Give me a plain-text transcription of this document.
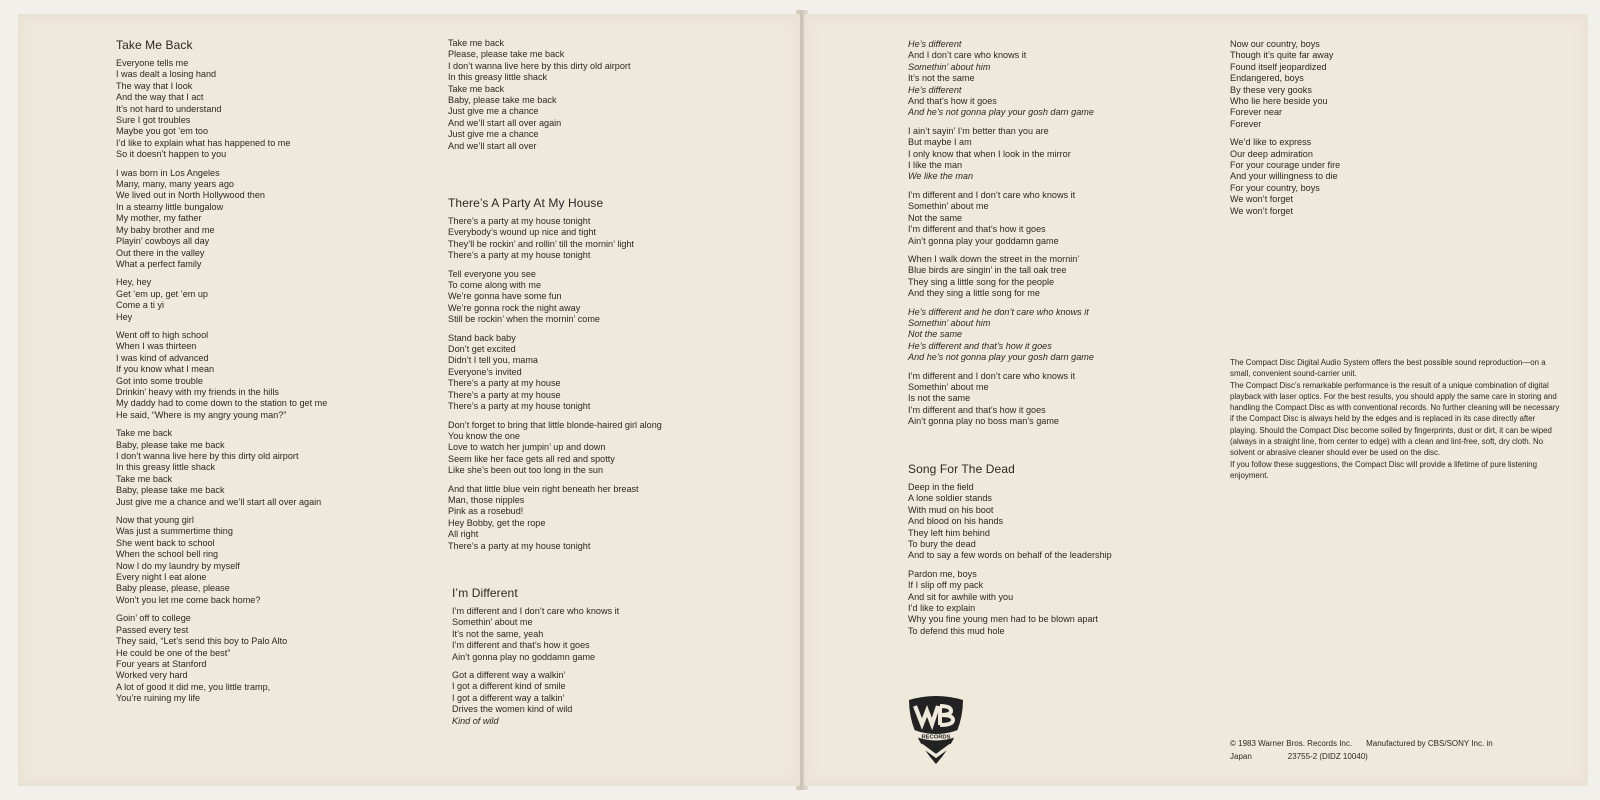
Take Me Back
Everyone tells me
I was dealt a losing hand
The way that I look
And the way that I act
It’s not hard to understand
Sure I got troubles
Maybe you got ’em too
I’d like to explain what has happened to me
So it doesn’t happen to you
I was born in Los Angeles
Many, many, many years ago
We lived out in North Hollywood then
In a steamy little bungalow
My mother, my father
My baby brother and me
Playin’ cowboys all day
Out there in the valley
What a perfect family
Hey, hey
Get ’em up, get ’em up
Come a ti yi
Hey
Went off to high school
When I was thirteen
I was kind of advanced
If you know what I mean
Got into some trouble
Drinkin’ heavy with my friends in the hills
My daddy had to come down to the station to get me
He said, “Where is my angry young man?”
Take me back
Baby, please take me back
I don’t wanna live here by this dirty old airport
In this greasy little shack
Take me back
Baby, please take me back
Just give me a chance and we’ll start all over again
Now that young girl
Was just a summertime thing
She went back to school
When the school bell ring
Now I do my laundry by myself
Every night I eat alone
Baby please, please, please
Won’t you let me come back home?
Goin’ off to college
Passed every test
They said, “Let’s send this boy to Palo Alto
He could be one of the best”
Four years at Stanford
Worked very hard
A lot of good it did me, you little tramp,
You’re ruining my life
Take me back
Please, please take me back
I don’t wanna live here by this dirty old airport
In this greasy little shack
Take me back
Baby, please take me back
Just give me a chance
And we’ll start all over again
Just give me a chance
And we’ll start all over
There’s A Party At My House
There’s a party at my house tonight
Everybody’s wound up nice and tight
They’ll be rockin’ and rollin’ till the mornin’ light
There’s a party at my house tonight
Tell everyone you see
To come along with me
We’re gonna have some fun
We’re gonna rock the night away
Still be rockin’ when the mornin’ come
Stand back baby
Don’t get excited
Didn’t I tell you, mama
Everyone’s invited
There’s a party at my house
There’s a party at my house
There’s a party at my house tonight
Don’t forget to bring that little blonde-haired girl along
You know the one
Love to watch her jumpin’ up and down
Seem like her face gets all red and spotty
Like she’s been out too long in the sun
And that little blue vein right beneath her breast
Man, those nipples
Pink as a rosebud!
Hey Bobby, get the rope
All right
There’s a party at my house tonight
I’m Different
I’m different and I don’t care who knows it
Somethin’ about me
It’s not the same, yeah
I’m different and that’s how it goes
Ain’t gonna play no goddamn game
Got a different way a walkin’
I got a different kind of smile
I got a different way a talkin’
Drives the women kind of wild
Kind of wild
He’s different
And I don’t care who knows it
Somethin’ about him
It’s not the same
He’s different
And that’s how it goes
And he’s not gonna play your gosh darn game
I ain’t sayin’ I’m better than you are
But maybe I am
I only know that when I look in the mirror
I like the man
We like the man
I’m different and I don’t care who knows it
Somethin’ about me
Not the same
I’m different and that’s how it goes
Ain’t gonna play your goddamn game
When I walk down the street in the mornin’
Blue birds are singin’ in the tall oak tree
They sing a little song for the people
And they sing a little song for me
He’s different and he don’t care who knows it
Somethin’ about him
Not the same
He’s different and that’s how it goes
And he’s not gonna play your gosh darn game
I’m different and I don’t care who knows it
Somethin’ about me
Is not the same
I’m different and that’s how it goes
Ain’t gonna play no boss man’s game
Song For The Dead
Deep in the field
A lone soldier stands
With mud on his boot
And blood on his hands
They left him behind
To bury the dead
And to say a few words on behalf of the leadership
Pardon me, boys
If I slip off my pack
And sit for awhile with you
I’d like to explain
Why you fine young men had to be blown apart
To defend this mud hole
Now our country, boys
Though it’s quite far away
Found itself jeopardized
Endangered, boys
By these very gooks
Who lie here beside you
Forever near
Forever
We’d like to express
Our deep admiration
For your courage under fire
And your willingness to die
For your country, boys
We won’t forget
We won’t forget

The Compact Disc Digital Audio System offers the best possible sound reproduction—on a small, convenient sound-carrier unit.

The Compact Disc’s remarkable performance is the result of a unique combination of digital playback with laser optics. For the best results, you should apply the same care in storing and handling the Compact Disc as with conventional records. No further cleaning will be necessary if the Compact Disc is always held by the edges and is replaced in its case directly after playing. Should the Compact Disc become soiled by fingerprints, dust or dirt, it can be wiped (always in a straight line, from center to edge) with a clean and lint-free, soft, dry cloth. No solvent or abrasive cleaner should ever be used on the disc.

If you follow these suggestions, the Compact Disc will provide a lifetime of pure listening enjoyment.

RECORDS
© 1983 Warner Bros. Records Inc. Manufactured by CBS/SONY Inc. in
Japan	23755-2 (DIDZ 10040)
